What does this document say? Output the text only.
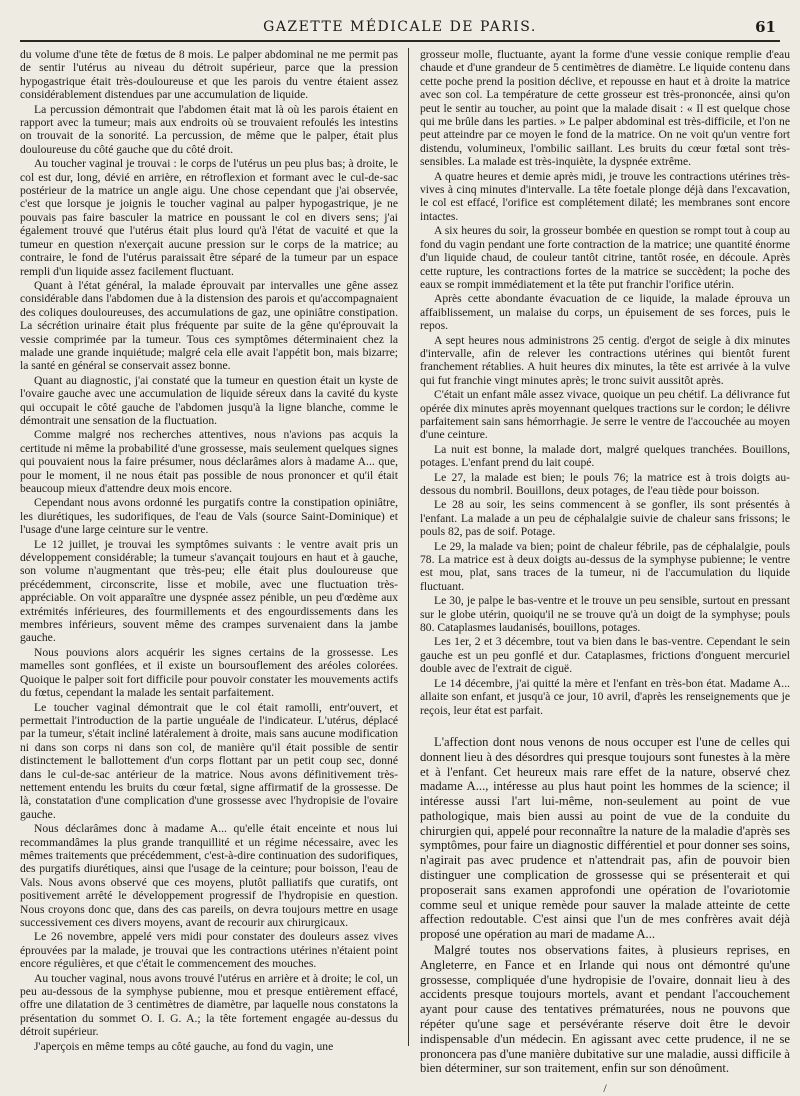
GAZETTE MÉDICALE DE PARIS.	61

du volume d'une tête de fœtus de 8 mois. Le palper abdominal ne me permit pas de sentir l'utérus au niveau du détroit supérieur, parce que la pression hypogastrique était très-douloureuse et que les parois du ventre étaient assez considérablement distendues par une accumulation de liquide.

La percussion démontrait que l'abdomen était mat là où les parois étaient en rapport avec la tumeur; mais aux endroits où se trouvaient refoulés les intestins on trouvait de la sonorité. La percussion, de même que le palper, était plus douloureuse du côté gauche que du côté droit.

Au toucher vaginal je trouvai : le corps de l'utérus un peu plus bas; à droite, le col est dur, long, dévié en arrière, en rétroflexion et formant avec le cul-de-sac postérieur de la matrice un angle aigu. Une chose cependant que j'ai observée, c'est que lorsque je joignis le toucher vaginal au palper hypogastrique, je ne pouvais pas faire basculer la matrice en poussant le col en divers sens; j'ai également trouvé que l'utérus était plus lourd qu'à l'état de vacuité et que la tumeur en question n'exerçait aucune pression sur le corps de la matrice; au contraire, le fond de l'utérus paraissait être séparé de la tumeur par un espace rempli d'un liquide assez facilement fluctuant.

Quant à l'état général, la malade éprouvait par intervalles une gêne assez considérable dans l'abdomen due à la distension des parois et qu'accompagnaient des coliques douloureuses, des accumulations de gaz, une opiniâtre constipation. La sécrétion urinaire était plus fréquente par suite de la gêne qu'éprouvait la vessie comprimée par la tumeur. Tous ces symptômes déterminaient chez la malade une grande inquiétude; malgré cela elle avait l'appétit bon, mais bizarre; la santé en général se conservait assez bonne.

Quant au diagnostic, j'ai constaté que la tumeur en question était un kyste de l'ovaire gauche avec une accumulation de liquide séreux dans la cavité du kyste qui occupait le côté gauche de l'abdomen jusqu'à la ligne blanche, comme le démontrait une sensation de la fluctuation.

Comme malgré nos recherches attentives, nous n'avions pas acquis la certitude ni même la probabilité d'une grossesse, mais seulement quelques signes qui pouvaient nous la faire présumer, nous déclarâmes alors à madame A... que, pour le moment, il ne nous était pas possible de nous prononcer et qu'il était beaucoup mieux d'attendre deux mois encore.

Cependant nous avons ordonné les purgatifs contre la constipation opiniâtre, les diurétiques, les sudorifiques, de l'eau de Vals (source Saint-Dominique) et l'usage d'une large ceinture sur le ventre.

Le 12 juillet, je trouvai les symptômes suivants : le ventre avait pris un développement considérable; la tumeur s'avançait toujours en haut et à gauche, son volume n'augmentant que très-peu; elle était plus douloureuse que précédemment, circonscrite, lisse et mobile, avec une fluctuation très-appréciable. On voit apparaître une dyspnée assez pénible, un peu d'œdème aux extrémités inférieures, des fourmillements et des engourdissements dans les membres inférieurs, souvent même des crampes survenaient dans la jambe gauche.

Nous pouvions alors acquérir les signes certains de la grossesse. Les mamelles sont gonflées, et il existe un boursouflement des aréoles colorées. Quoique le palper soit fort difficile pour pouvoir constater les mouvements actifs du fœtus, cependant la malade les sentait parfaitement.

Le toucher vaginal démontrait que le col était ramolli, entr'ouvert, et permettait l'introduction de la partie unguéale de l'indicateur. L'utérus, déplacé par la tumeur, s'était incliné latéralement à droite, mais sans aucune modification ni dans son corps ni dans son col, de manière qu'il était possible de sentir distinctement le ballottement d'un corps flottant par un petit coup sec, donné dans le cul-de-sac antérieur de la matrice. Nous avons définitivement très-nettement entendu les bruits du cœur fœtal, signe affirmatif de la grossesse. De là, constatation d'une complication d'une grossesse avec l'hydropisie de l'ovaire gauche.

Nous déclarâmes donc à madame A... qu'elle était enceinte et nous lui recommandâmes la plus grande tranquillité et un régime nécessaire, avec les mêmes traitements que précédemment, c'est-à-dire continuation des sudorifiques, des purgatifs diurétiques, ainsi que l'usage de la ceinture; pour boisson, l'eau de Vals. Nous avons observé que ces moyens, plutôt palliatifs que curatifs, ont positivement arrêté le développement progressif de l'hydropisie en question. Nous croyons donc que, dans des cas pareils, on devra toujours mettre en usage successivement ces divers moyens, avant de recourir aux chirurgicaux.

Le 26 novembre, appelé vers midi pour constater des douleurs assez vives éprouvées par la malade, je trouvai que les contractions utérines n'étaient point encore régulières, et que c'était le commencement des mouches.

Au toucher vaginal, nous avons trouvé l'utérus en arrière et à droite; le col, un peu au-dessous de la symphyse pubienne, mou et presque entièrement effacé, offre une dilatation de 3 centimètres de diamètre, par laquelle nous constatons la présentation du sommet O. I. G. A.; la tête fortement engagée au-dessus du détroit supérieur.

J'aperçois en même temps au côté gauche, au fond du vagin, une

grosseur molle, fluctuante, ayant la forme d'une vessie conique remplie d'eau chaude et d'une grandeur de 5 centimètres de diamètre. Le liquide contenu dans cette poche prend la position déclive, et repousse en haut et à droite la matrice avec son col. La température de cette grosseur est très-prononcée, ainsi qu'on peut le sentir au toucher, au point que la malade disait : « Il est quelque chose qui me brûle dans les parties. » Le palper abdominal est très-difficile, et l'on ne peut atteindre par ce moyen le fond de la matrice. On ne voit qu'un ventre fort distendu, volumineux, l'ombilic saillant. Les bruits du cœur fœtal sont très-sensibles. La malade est très-inquiète, la dyspnée extrême.

A quatre heures et demie après midi, je trouve les contractions utérines très-vives à cinq minutes d'intervalle. La tête foetale plonge déjà dans l'excavation, le col est effacé, l'orifice est complétement dilaté; les membranes sont encore intactes.

A six heures du soir, la grosseur bombée en question se rompt tout à coup au fond du vagin pendant une forte contraction de la matrice; une quantité énorme d'un liquide chaud, de couleur tantôt citrine, tantôt rosée, en découle. Après cette rupture, les contractions fortes de la matrice se succèdent; la poche des eaux se rompit immédiatement et la tête put franchir l'orifice utérin.

Après cette abondante évacuation de ce liquide, la malade éprouva un affaiblissement, un malaise du corps, un épuisement de ses forces, puis le repos.

A sept heures nous administrons 25 centig. d'ergot de seigle à dix minutes d'intervalle, afin de relever les contractions utérines qui bientôt furent franchement rétablies. A huit heures dix minutes, la tête est arrivée à la vulve qui fut franchie vingt minutes après; le tronc suivit aussitôt après.

C'était un enfant mâle assez vivace, quoique un peu chétif. La délivrance fut opérée dix minutes après moyennant quelques tractions sur le cordon; le délivre parfaitement sain sans hémorrhagie. Je serre le ventre de l'accouchée au moyen d'une ceinture.

La nuit est bonne, la malade dort, malgré quelques tranchées. Bouillons, potages. L'enfant prend du lait coupé.

Le 27, la malade est bien; le pouls 76; la matrice est à trois doigts au-dessous du nombril. Bouillons, deux potages, de l'eau tiède pour boisson.

Le 28 au soir, les seins commencent à se gonfler, ils sont présentés à l'enfant. La malade a un peu de céphalalgie suivie de chaleur sans frissons; le pouls 82, pas de soif. Potage.

Le 29, la malade va bien; point de chaleur fébrile, pas de céphalalgie, pouls 78. La matrice est à deux doigts au-dessus de la symphyse pubienne; le ventre est mou, plat, sans traces de la tumeur, ni de l'accumulation du liquide fluctuant.

Le 30, je palpe le bas-ventre et le trouve un peu sensible, surtout en pressant sur le globe utérin, quoiqu'il ne se trouve qu'à un doigt de la symphyse; pouls 80. Cataplasmes laudanisés, bouillons, potages.

Les 1er, 2 et 3 décembre, tout va bien dans le bas-ventre. Cependant le sein gauche est un peu gonflé et dur. Cataplasmes, frictions d'onguent mercuriel double avec de l'extrait de ciguë.

Le 14 décembre, j'ai quitté la mère et l'enfant en très-bon état. Madame A... allaite son enfant, et jusqu'à ce jour, 10 avril, d'après les renseignements que je reçois, leur état est parfait.

L'affection dont nous venons de nous occuper est l'une de celles qui donnent lieu à des désordres qui presque toujours sont funestes à la mère et à l'enfant. Cet heureux mais rare effet de la nature, observé chez madame A..., intéresse au plus haut point les hommes de la science; il intéresse aussi l'art lui-même, non-seulement au point de vue pathologique, mais bien aussi au point de vue de la conduite du chirurgien qui, appelé pour reconnaître la nature de la maladie d'après ses symptômes, pour faire un diagnostic différentiel et pour donner ses soins, n'agirait pas avec prudence et n'attendrait pas, afin de pouvoir bien distinguer une complication de grossesse qui se présenterait et qui proposerait sans examen approfondi une opération de l'ovariotomie comme seul et unique remède pour sauver la malade atteinte de cette affection redoutable. C'est ainsi que l'un de mes confrères avait déjà proposé une opération au mari de madame A...

Malgré toutes nos observations faites, à plusieurs reprises, en Angleterre, en Fance et en Irlande qui nous ont démontré qu'une grossesse, compliquée d'une hydropisie de l'ovaire, donnait lieu à des accidents presque toujours mortels, avant et pendant l'accouchement ayant pour cause des tentatives prématurées, nous ne pouvons que répéter qu'une sage et persévérante réserve doit être le devoir indispensable d'un médecin. En agissant avec cette prudence, il ne se prononcera pas d'une manière dubitative sur une maladie, aussi difficile à bien déterminer, sur son traitement, enfin sur son dénoûment.

/
